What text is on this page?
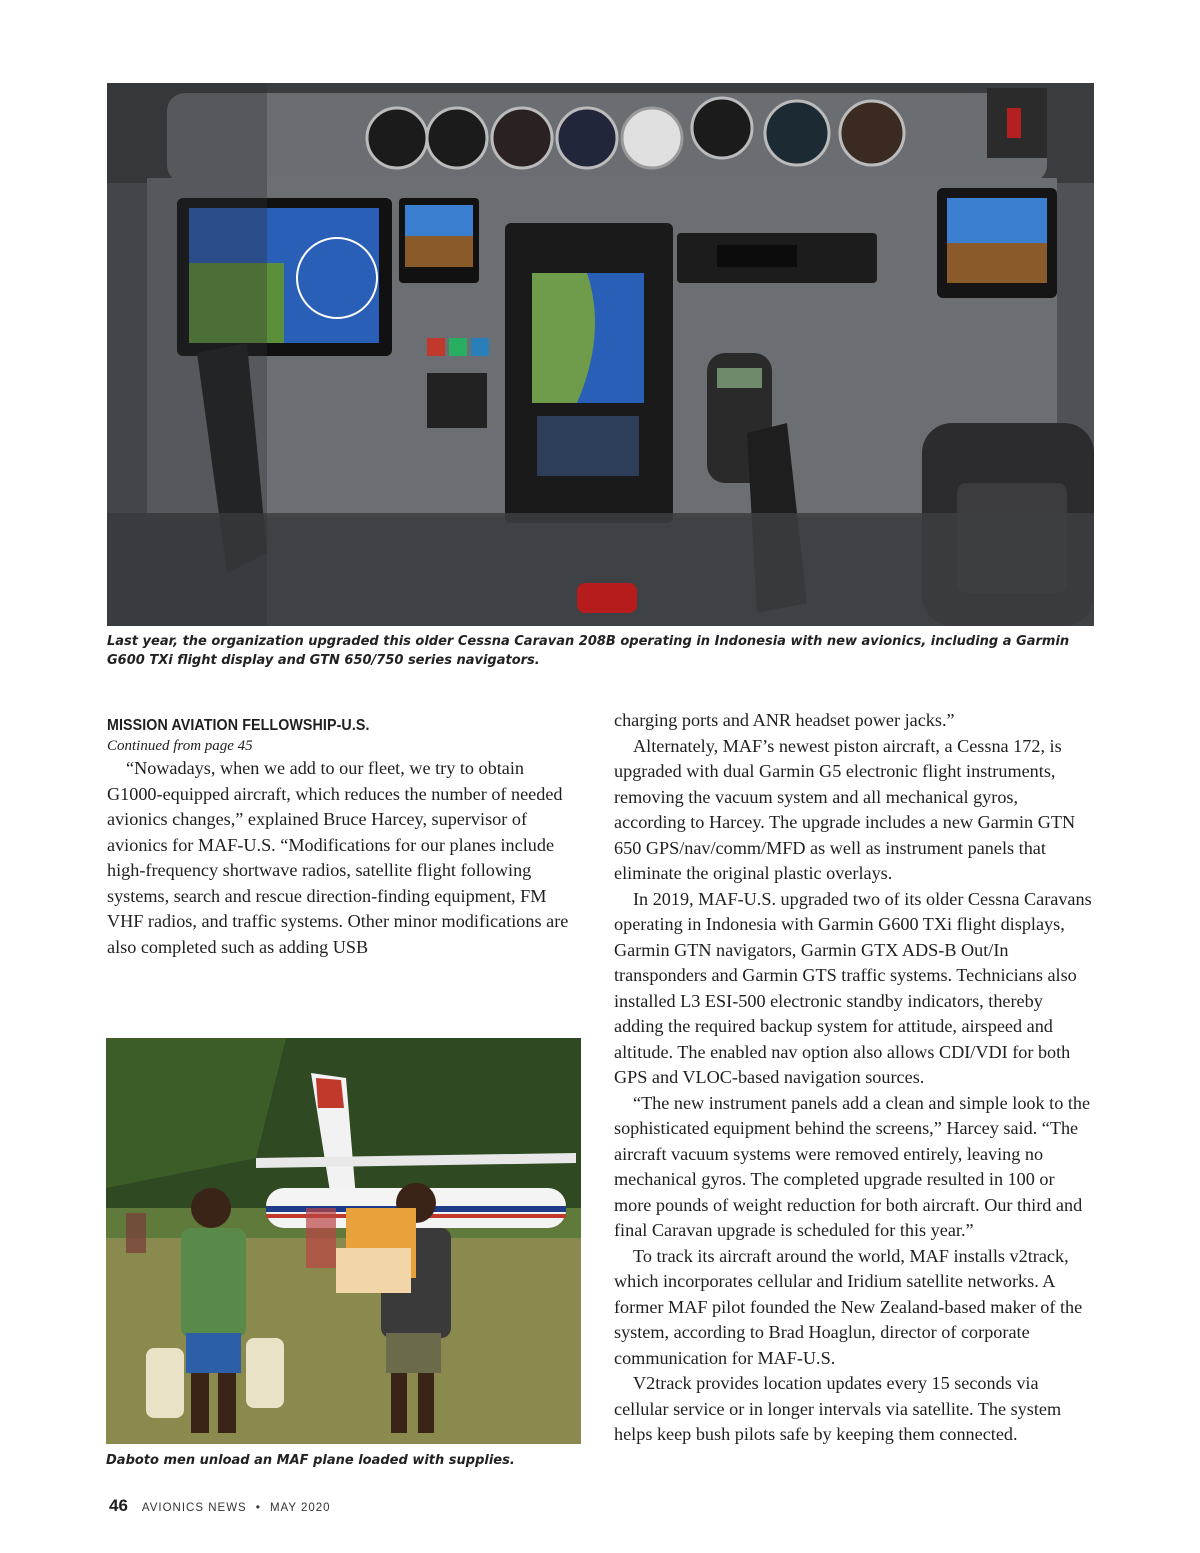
Last year, the organization upgraded this older Cessna Caravan 208B operating in Indonesia with new avionics, including a Garmin G600 TXi flight display and GTN 650/750 series navigators.

MISSION AVIATION FELLOWSHIP-U.S.

Continued from page 45

“Nowadays, when we add to our fleet, we try to obtain G1000-equipped aircraft, which reduces the number of needed avionics changes,” explained Bruce Harcey, supervisor of avionics for MAF-U.S. “Modifications for our planes include high-frequency shortwave radios, satellite flight following systems, search and rescue direction-finding equipment, FM VHF radios, and traffic systems. Other minor modifications are also completed such as adding USB

Daboto men unload an MAF plane loaded with supplies.

charging ports and ANR headset power jacks.”

Alternately, MAF’s newest piston aircraft, a Cessna 172, is upgraded with dual Garmin G5 electronic flight instruments, removing the vacuum system and all mechanical gyros, according to Harcey. The upgrade includes a new Garmin GTN 650 GPS/nav/comm/MFD as well as instrument panels that eliminate the original plastic overlays.

In 2019, MAF-U.S. upgraded two of its older Cessna Caravans operating in Indonesia with Garmin G600 TXi flight displays, Garmin GTN navigators, Garmin GTX ADS-B Out/In transponders and Garmin GTS traffic systems. Technicians also installed L3 ESI-500 electronic standby indicators, thereby adding the required backup system for attitude, airspeed and altitude. The enabled nav option also allows CDI/VDI for both GPS and VLOC-based navigation sources.

“The new instrument panels add a clean and simple look to the sophisticated equipment behind the screens,” Harcey said. “The aircraft vacuum systems were removed entirely, leaving no mechanical gyros. The completed upgrade resulted in 100 or more pounds of weight reduction for both aircraft. Our third and final Caravan upgrade is scheduled for this year.”

To track its aircraft around the world, MAF installs v2track, which incorporates cellular and Iridium satellite networks. A former MAF pilot founded the New Zealand-based maker of the system, according to Brad Hoaglun, director of corporate communication for MAF-U.S.

V2track provides location updates every 15 seconds via cellular service or in longer intervals via satellite. The system helps keep bush pilots safe by keeping them connected.

46 AVIONICS NEWS • MAY 2020
